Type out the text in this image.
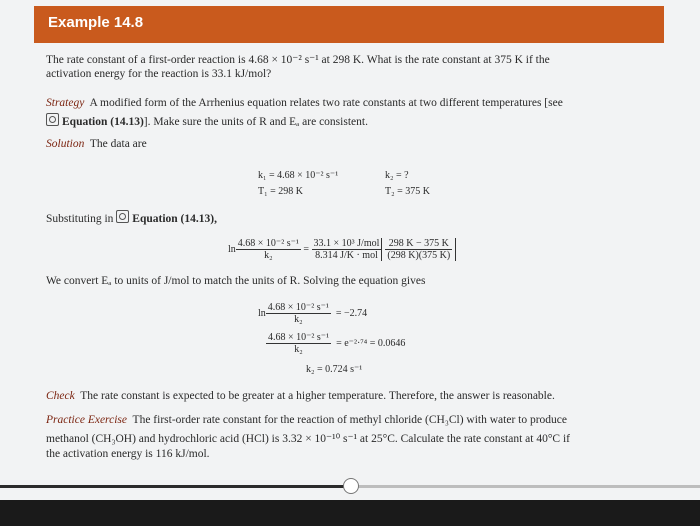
Example 14.8
The rate constant of a first-order reaction is 4.68 × 10⁻² s⁻¹ at 298 K. What is the rate constant at 375 K if the
activation energy for the reaction is 33.1 kJ/mol?
Strategy A modified form of the Arrhenius equation relates two rate constants at two different temperatures [see
Equation (14.13)]. Make sure the units of R and Eₐ are consistent.
Solution The data are
k₁ = 4.68 × 10⁻² s⁻¹	k₂ = ?
T₁ = 298 K	T₂ = 375 K
Substituting in Equation (14.13),
$\ln \frac{\text{4.68 × 10⁻² s⁻¹}}{\text{k₂}} = \frac{\text{33.1 × 10³ J/mol}}{\text{8.314 J/K · mol}} \frac{298 K - 375 K}{(298 K)(375 K)}$
We convert Eₐ to units of J/mol to match the units of R. Solving the equation gives
$\ln \frac{\text{4.68 × 10⁻² s⁻¹}}{\text{k₂}} = -2.74$
$\frac{\text{4.68 × 10⁻² s⁻¹}}{\text{k₂}} = e^{-2}\cdot^{74} = 0.0646$
k₂ = 0.724 s⁻¹
Check The rate constant is expected to be greater at a higher temperature. Therefore, the answer is reasonable.
Practice Exercise The first-order rate constant for the reaction of methyl chloride (CH₃Cl) with water to produce
methanol (CH₃OH) and hydrochloric acid (HCl) is 3.32 × 10⁻¹⁰ s⁻¹ at 25°C. Calculate the rate constant at 40°C if
the activation energy is 116 kJ/mol.
